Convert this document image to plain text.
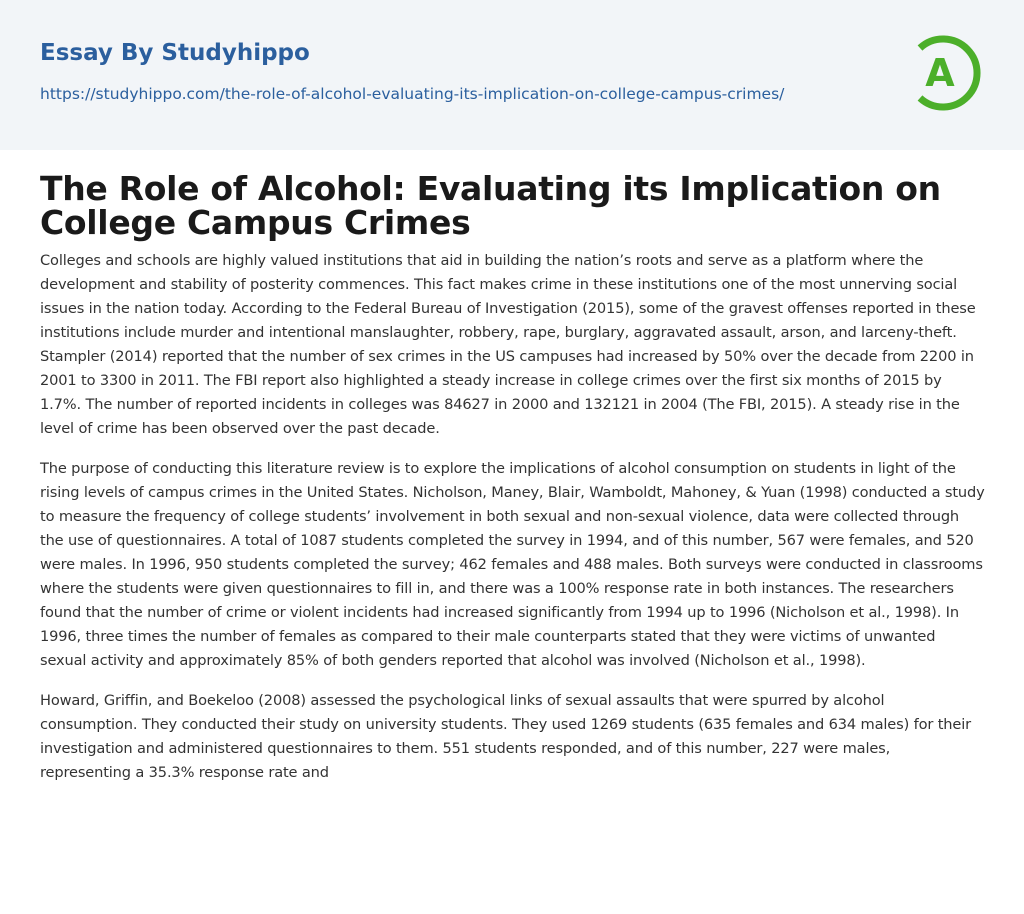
Essay By Studyhippo
https://studyhippo.com/the-role-of-alcohol-evaluating-its-implication-on-college-campus-crimes/	A
The Role of Alcohol: Evaluating its Implication on College Campus Crimes

Colleges and schools are highly valued institutions that aid in building the nation’s roots and serve as a platform where the development and stability of posterity commences. This fact makes crime in these institutions one of the most unnerving social issues in the nation today. According to the Federal Bureau of Investigation (2015), some of the gravest offenses reported in these institutions include murder and intentional manslaughter, robbery, rape, burglary, aggravated assault, arson, and larceny-theft. Stampler (2014) reported that the number of sex crimes in the US campuses had increased by 50% over the decade from 2200 in 2001 to 3300 in 2011. The FBI report also highlighted a steady increase in college crimes over the first six months of 2015 by 1.7%. The number of reported incidents in colleges was 84627 in 2000 and 132121 in 2004 (The FBI, 2015). A steady rise in the level of crime has been observed over the past decade.

The purpose of conducting this literature review is to explore the implications of alcohol consumption on students in light of the rising levels of campus crimes in the United States. Nicholson, Maney, Blair, Wamboldt, Mahoney, & Yuan (1998) conducted a study to measure the frequency of college students’ involvement in both sexual and non-sexual violence, data were collected through the use of questionnaires. A total of 1087 students completed the survey in 1994, and of this number, 567 were females, and 520 were males. In 1996, 950 students completed the survey; 462 females and 488 males. Both surveys were conducted in classrooms where the students were given questionnaires to fill in, and there was a 100% response rate in both instances. The researchers found that the number of crime or violent incidents had increased significantly from 1994 up to 1996 (Nicholson et al., 1998). In 1996, three times the number of females as compared to their male counterparts stated that they were victims of unwanted sexual activity and approximately 85% of both genders reported that alcohol was involved (Nicholson et al., 1998).

Howard, Griffin, and Boekeloo (2008) assessed the psychological links of sexual assaults that were spurred by alcohol consumption. They conducted their study on university students. They used 1269 students (635 females and 634 males) for their investigation and administered questionnaires to them. 551 students responded, and of this number, 227 were males, representing a 35.3% response rate and
